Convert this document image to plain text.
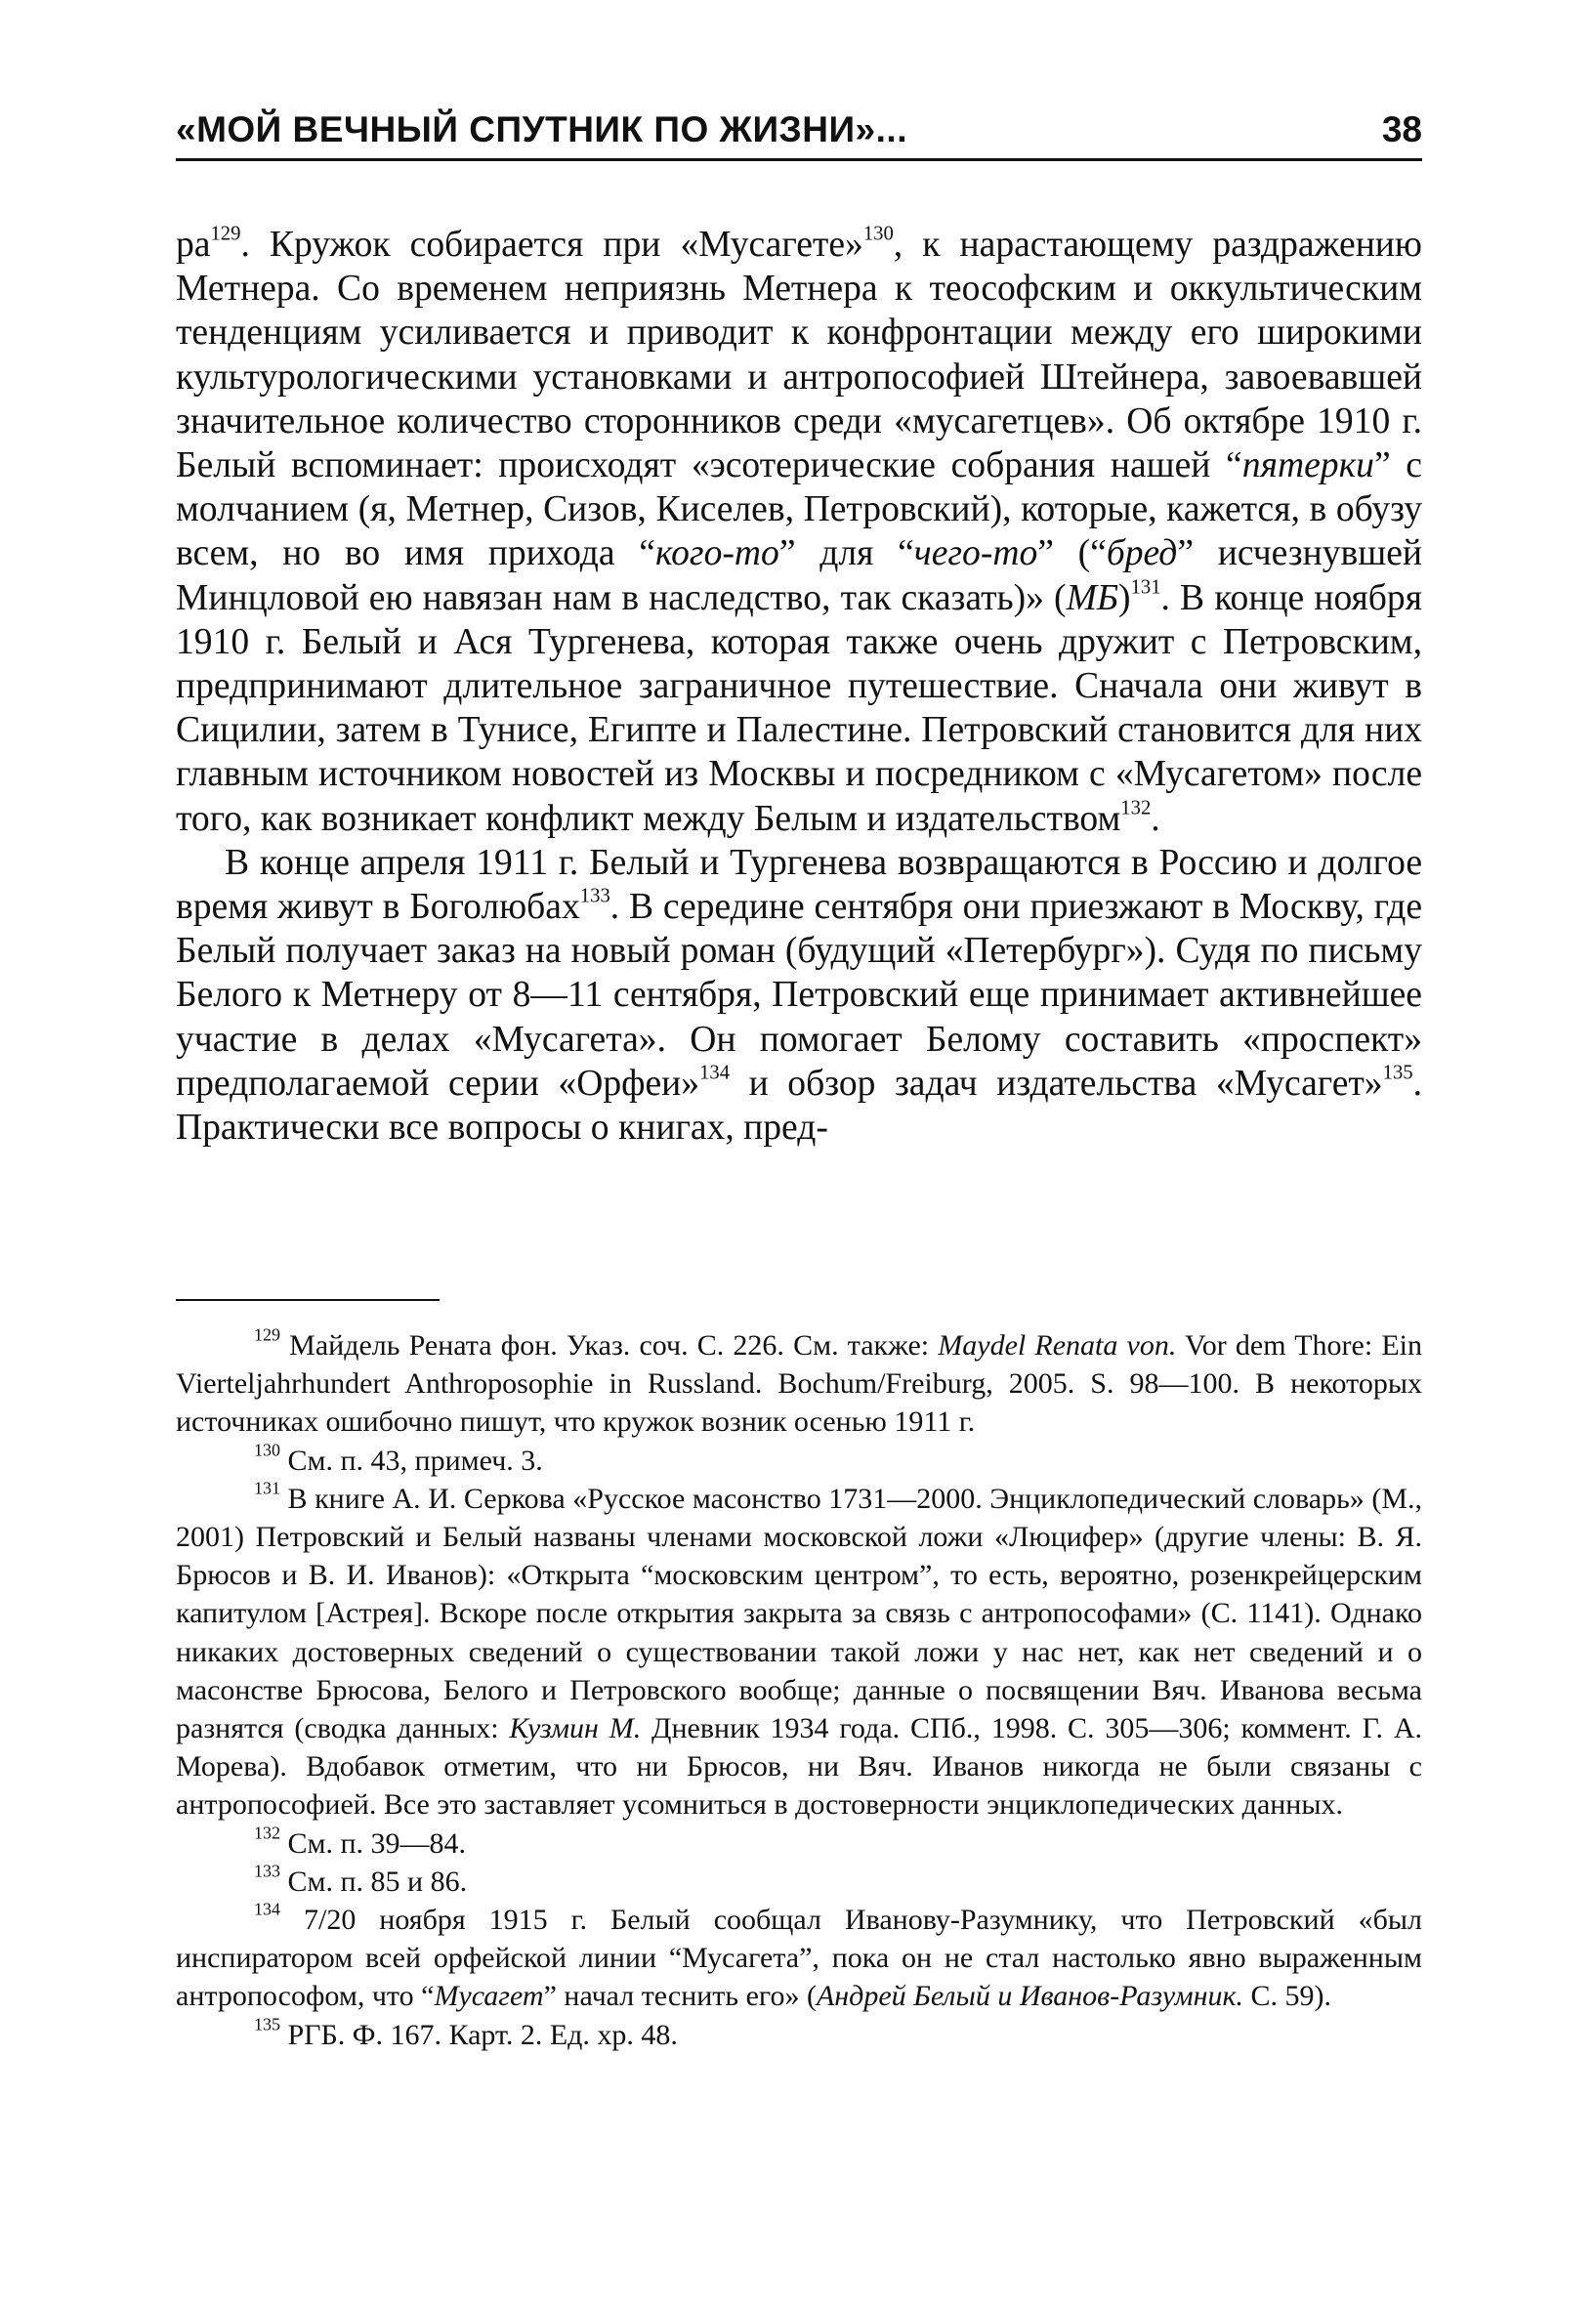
«МОЙ ВЕЧНЫЙ СПУТНИК ПО ЖИЗНИ»...	38

$ра^{129}$. Кружок собирается при «Мусагете»$^{130}$, к нарастающему раздражению Метнера. Со временем неприязнь Метнера к теософским и оккультическим тенденциям усиливается и приводит к конфронтации между его широкими культурологическими установками и антропософией Штейнера, завоевавшей значительное количество сторонников среди «мусагетцев». Об октябре 1910 г. Белый вспоминает: происходят «эсотерические собрания нашей “пятерки” с молчанием (я, Метнер, Сизов, Киселев, Петровский), которые, кажется, в обузу всем, но во имя прихода “кого-то” для “чего-то” (“бред” исчезнувшей Минцловой ею навязан нам в наследство, так сказать)» (МБ)$^{131}$. В конце ноября 1910 г. Белый и Ася Тургенева, которая также очень дружит с Петровским, предпринимают длительное заграничное путешествие. Сначала они живут в Сицилии, затем в Тунисе, Египте и Палестине. Петровский становится для них главным источником новостей из Москвы и посредником с «Мусагетом» после того, как возникает конфликт между Белым и издательством$^{132}$.

В конце апреля 1911 г. Белый и Тургенева возвращаются в Россию и долгое время живут в Боголюбах$^{133}$. В середине сентября они приезжают в Москву, где Белый получает заказ на новый роман (будущий «Петербург»). Судя по письму Белого к Метнеру от 8—11 сентября, Петровский еще принимает активнейшее участие в делах «Мусагета». Он помогает Белому составить «проспект» предполагаемой серии «Орфеи»$^{134}$ и обзор задач издательства «Мусагет»$^{135}$. Практически все вопросы о книгах, пред-

$^{129}$ Майдель Рената фон. Указ. соч. С. 226. См. также: Maydel Renata von. Vor dem Thore: Ein Vierteljahrhundert Anthroposophie in Russland. Bochum/Freiburg, 2005. S. 98—100. В некоторых источниках ошибочно пишут, что кружок возник осенью 1911 г.

$^{130}$ См. п. 43, примеч. 3.

$^{131}$ В книге А. И. Серкова «Русское масонство 1731—2000. Энциклопедический словарь» (М., 2001) Петровский и Белый названы членами московской ложи «Люцифер» (другие члены: В. Я. Брюсов и В. И. Иванов): «Открыта “московским центром”, то есть, вероятно, розенкрейцерским капитулом [Астрея]. Вскоре после открытия закрыта за связь с антропософами» (С. 1141). Однако никаких достоверных сведений о существовании такой ложи у нас нет, как нет сведений и о масонстве Брюсова, Белого и Петровского вообще; данные о посвящении Вяч. Иванова весьма разнятся (сводка данных: Кузмин М. Дневник 1934 года. СПб., 1998. С. 305—306; коммент. Г. А. Морева). Вдобавок отметим, что ни Брюсов, ни Вяч. Иванов никогда не были связаны с антропософией. Все это заставляет усомниться в достоверности энциклопедических данных.

$^{132}$ См. п. 39—84.

$^{133}$ См. п. 85 и 86.

$^{134}$ 7/20 ноября 1915 г. Белый сообщал Иванову-Разумнику, что Петровский «был инспиратором всей орфейской линии “Мусагета”, пока он не стал настолько явно выраженным антропософом, что “Мусагет” начал теснить его» (Андрей Белый и Иванов-Разумник. С. 59).

$^{135}$ РГБ. Ф. 167. Карт. 2. Ед. хр. 48.
